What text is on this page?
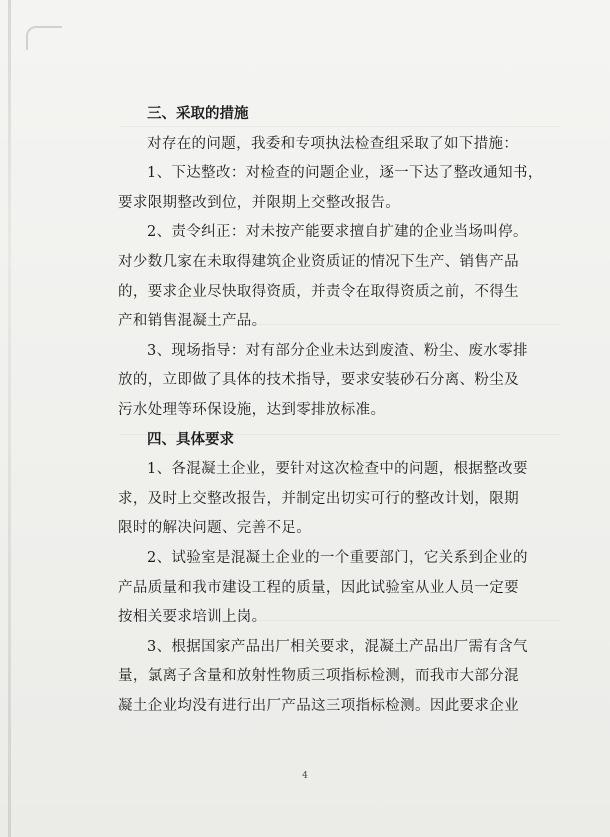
三、采取的措施
对存在的问题，我委和专项执法检查组采取了如下措施：
1、下达整改：对检查的问题企业，逐一下达了整改通知书，
要求限期整改到位，并限期上交整改报告。
2、责令纠正：对未按产能要求擅自扩建的企业当场叫停。
对少数几家在未取得建筑企业资质证的情况下生产、销售产品
的，要求企业尽快取得资质，并责令在取得资质之前，不得生
产和销售混凝土产品。
3、现场指导：对有部分企业未达到废渣、粉尘、废水零排
放的，立即做了具体的技术指导，要求安装砂石分离、粉尘及
污水处理等环保设施，达到零排放标准。
四、具体要求
1、各混凝土企业，要针对这次检查中的问题，根据整改要
求，及时上交整改报告，并制定出切实可行的整改计划，限期
限时的解决问题、完善不足。
2、试验室是混凝土企业的一个重要部门，它关系到企业的
产品质量和我市建设工程的质量，因此试验室从业人员一定要
按相关要求培训上岗。
3、根据国家产品出厂相关要求，混凝土产品出厂需有含气
量，氯离子含量和放射性物质三项指标检测，而我市大部分混
凝土企业均没有进行出厂产品这三项指标检测。因此要求企业
4
